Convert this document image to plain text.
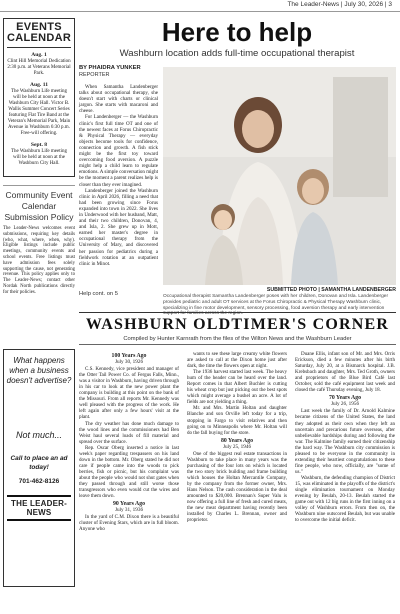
The Leader-News | July 30, 2026 | 3
EVENTS
CALENDAR
Aug. 1
Clint Hill Memorial Dedication 2:30 p.m. at Veterans Memorial Park.
Aug. 11
The Washburn Life meeting will be held at noon at the Washburn City Hall. Victor B. Wallis Summer Concert Series featuring Flat Tire Band at the Veteran's Memorial Park, Main Avenue in Washburn 6:30 p.m. Free-will offering.
Sept. 8
The Washburn Life meeting will be held at noon at the Washburn City Hall.
Community Event Calendar Submission Policy
The Leader-News welcomes event submissions, requiring key details (who, what, where, when, why). Eligible listings include public meetings, community events and school events. Free listings must have admission fees solely supporting the cause, not generating revenue. This policy applies only to The Leader-News; contact other Nordak North publications directly for their policies.
What happens when a business doesn't advertise?
Not much...
Call to place an ad today!
701-462-8126
THE LEADER-NEWS
Here to help
Washburn location adds full-time occupational therapist
BY PHAIDRA YUNKER
REPORTER

When Samantha Landenberger talks about occupational therapy, she doesn't start with charts or clinical jargon. She starts with macaroni and cheese.

For Landenberger — the Washburn clinic's first full time OT and one of the newest faces at Forus Chiropractic & Physical Therapy — everyday objects become tools for confidence, connection and growth. A fish stick might be the first toy toward overcoming food aversion. A puzzle might help a child learn to regulate emotions. A simple conversation might be the moment a parent realizes help is closer than they ever imagined.

Landenberger joined the Washburn clinic in April 2026, filling a need that had been growing since Forus expanded into town in 2022. She lives in Underwood with her husband, Matt, and their two children, Donovan, 4, and Isla, 2. She grew up in Mott, earned her master's degree in occupational therapy from the University of Mary, and discovered her passion for pediatrics during a fieldwork rotation at an outpatient clinic in Minot.

Help cont. on 5
SUBMITTED PHOTO | SAMANTHA LANDENBERGER
Occupational therapist Samantha Landenberger poses with her children, Donovan and Isla. Landenberger provides pediatric and adult OT services at the Forus Chiropractic & Physical Therapy Washburn clinic, specializing in fine motor development, sensory processing, food aversion therapy and early intervention support for families across the region.
WASHBURN OLDTIMER'S CORNER
Compiled by Hunter Karnrath from the files of the Wilton News and the Washburn Leader
100 Years Ago
July 30, 1926

C.S. Kennedy, vice president and manager of the Otter Tail Power Co. of Fergus Falls, Minn., was a visitor in Washburn, having driven through in his car to look at the new power plant the company is building at this point on the bank of the Missouri. From all reports Mr. Kennedy was well pleased with the progress of the work. He left again after only a few hours' visit at the plant.

The dry weather has done much damage to the wood lines and the commissioners had Ben Weist haul several loads of fill material and spread over the surface.

Rep. Oscar Oberg inserted a notice in last week's paper regarding trespassers on his land down in the bottom. Mr. Oberg stated he did not care if people came into the woods to pick berries, fish or picnic, but his complaint was about the people who would not shut gates when they passed through and still worse those transgressors who even would cut the wires and leave them down.

90 Years Ago
July 31, 1936

In the yard of C.M. Dixon there is a beautiful cluster of Evening Stars, which are in full bloom. Anyone who

wants to see these large creamy white flowers are asked to call at the Dixon home just after dark, the time the flowers open at night.

The 1936 harvest started last week. The heavy hum of the header can be heard over the land. Report comes in that Albert Buchler is cutting his wheat crop but just picking out the best spots which might average a bushel an acre. A lot of fields are not yielding a thing.

Mr. and Mrs. Martin Holtan and daughter Blanche and son Orville left today for a trip, stopping in Fargo to visit relatives and then going on to Minneapolis where Mr. Holtan will do the fall buying for the store.

80 Years Ago
July 25, 1946

One of the biggest real estate transactions in Washburn to take place in many years was the purchasing of the four lots on which is located the two story brick building and frame building which houses the Holtan Mercantile Company, by the company from the former owner, Mrs. Hans Nelson. The cash consideration in the deal amounted to $20,000. Brennan's Super Valu is now offering a full line of fresh and cured meats, the new meat department having recently been installed by Charles L. Brennan, owner and proprietor.

Duane Ellis, infant son of Mr. and Mrs. Orris Erickson, died a few minutes after his birth Saturday, July 20, at a Bismarck hospital. J.B. Krebsbach and daughter, Mrs. Ted Groth, owners and proprietors of the Blue Bird Café last October, sold the café equipment last week and closed the café Thursday evening, July 18.

70 Years Ago
July 26, 1956

Last week the family of Dr. Arnold Kalmine became citizens of the United States, the land they adopted as their own when they left an uncertain and precarious future overseas, after unbelievable hardships during and following the war. The Kalmine family earned their citizenship the hard way. The Washburn city commission is pleased to be everyone in the community in extending their heartiest congratulations to these fine people, who now, officially, are "some of us."

Washburn, the defending champion of District 15, was eliminated in the playoffs of the district's single elimination tournament on Monday evening by Beulah, 20-13. Beulah started the game out with 12 big runs in the first inning on a volley of Washburn errors. From then on, the Washburn nine outscored Beulah, but was unable to overcome the initial deficit.
